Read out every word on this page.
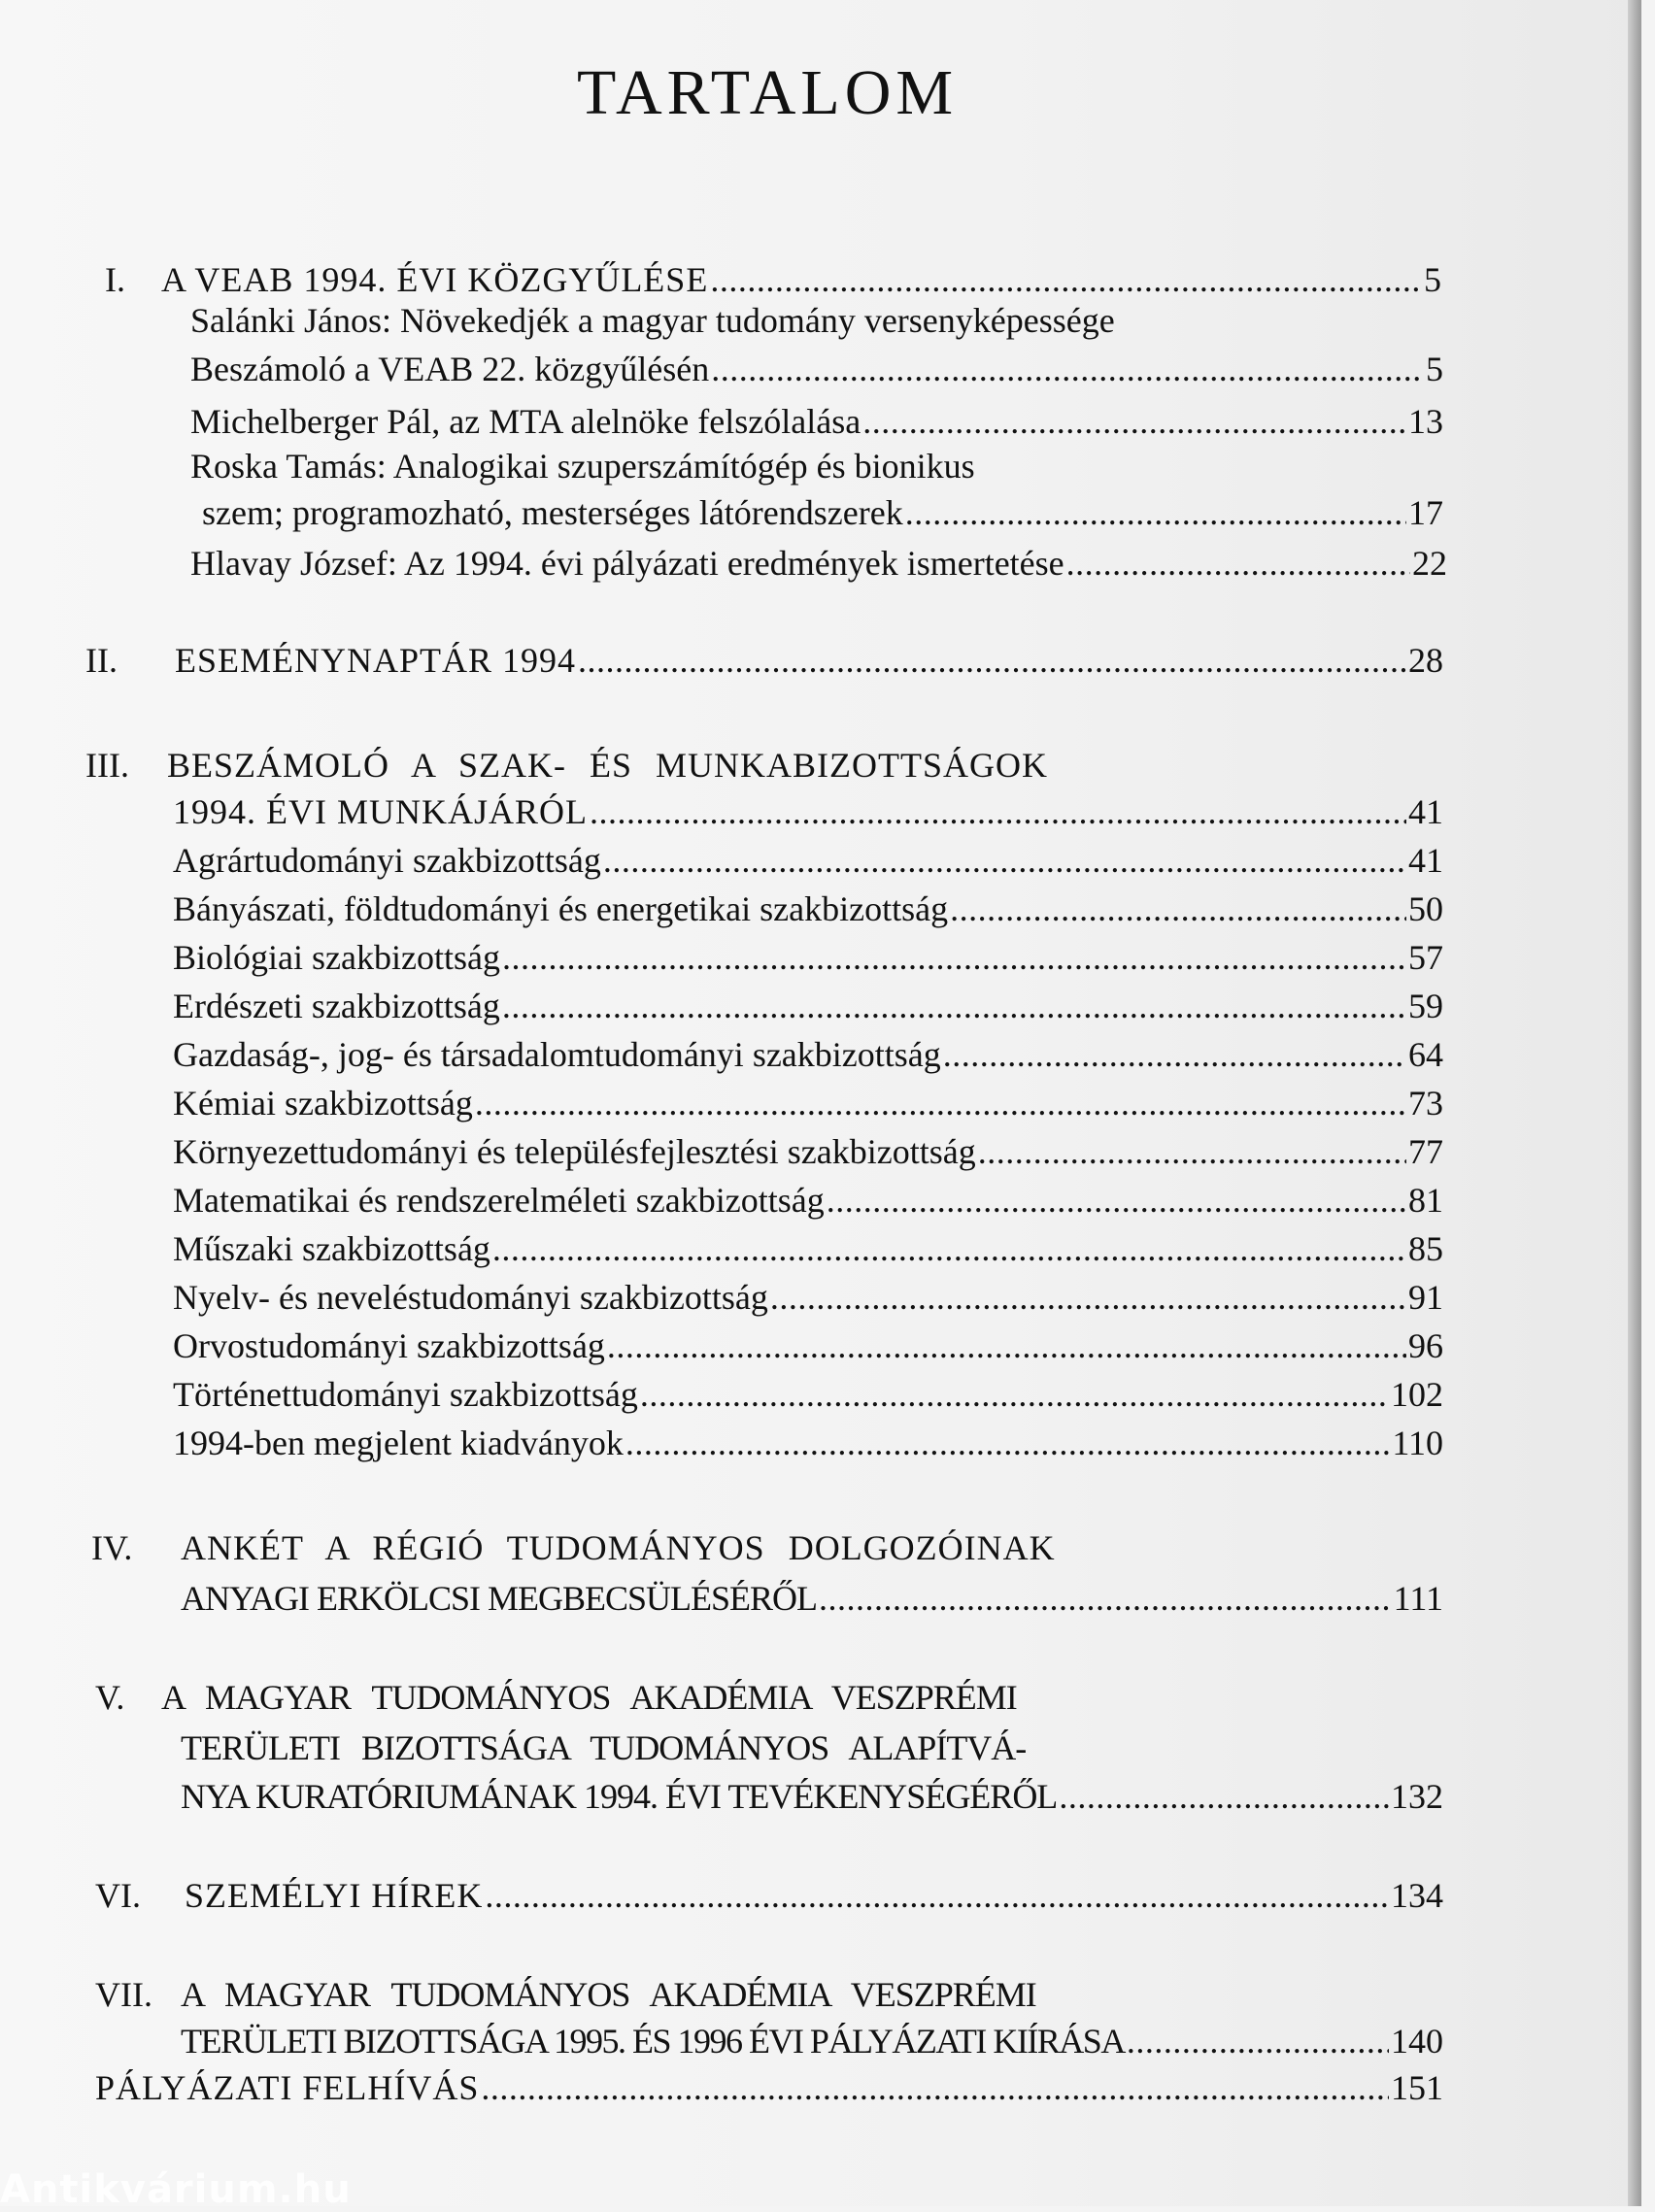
TARTALOM
I.	A VEAB 1994. ÉVI KÖZGYŰLÉSE .....	5
Salánki János: Növekedjék a magyar tudomány versenyképessége
Beszámoló a VEAB 22. közgyűlésén .....	5
Michelberger Pál, az MTA alelnöke felszólalása .....	13
Roska Tamás: Analogikai szuperszámítógép és bionikus
szem; programozható, mesterséges látórendszerek .....	17
Hlavay József: Az 1994. évi pályázati eredmények ismertetése .....	22
II.	ESEMÉNYNAPTÁR 1994 .....	28
III.	BESZÁMOLÓ A SZAK- ÉS MUNKABIZOTTSÁGOK
1994. ÉVI MUNKÁJÁRÓL .....	41
Agrártudományi szakbizottság .....	41
Bányászati, földtudományi és energetikai szakbizottság .....	50
Biológiai szakbizottság .....	57
Erdészeti szakbizottság .....	59
Gazdaság-, jog- és társadalomtudományi szakbizottság .....	64
Kémiai szakbizottság .....	73
Környezettudományi és településfejlesztési szakbizottság .....	77
Matematikai és rendszerelméleti szakbizottság .....	81
Műszaki szakbizottság .....	85
Nyelv- és neveléstudományi szakbizottság .....	91
Orvostudományi szakbizottság .....	96
Történettudományi szakbizottság .....	102
1994-ben megjelent kiadványok .....	110
IV.	ANKÉT A RÉGIÓ TUDOMÁNYOS DOLGOZÓINAK
ANYAGI ERKÖLCSI MEGBECSÜLÉSÉRŐL .....	111
V.	A MAGYAR TUDOMÁNYOS AKADÉMIA VESZPRÉMI
TERÜLETI BIZOTTSÁGA TUDOMÁNYOS ALAPÍTVÁ-
NYA KURATÓRIUMÁNAK 1994. ÉVI TEVÉKENYSÉGÉRŐL .....	132
VI.	SZEMÉLYI HÍREK .....	134
VII. A MAGYAR TUDOMÁNYOS AKADÉMIA VESZPRÉMI
TERÜLETI BIZOTTSÁGA 1995. ÉS 1996 ÉVI PÁLYÁZATI KIÍRÁSA .....	140
PÁLYÁZATI FELHÍVÁS .....	151
Antikvárium.hu
